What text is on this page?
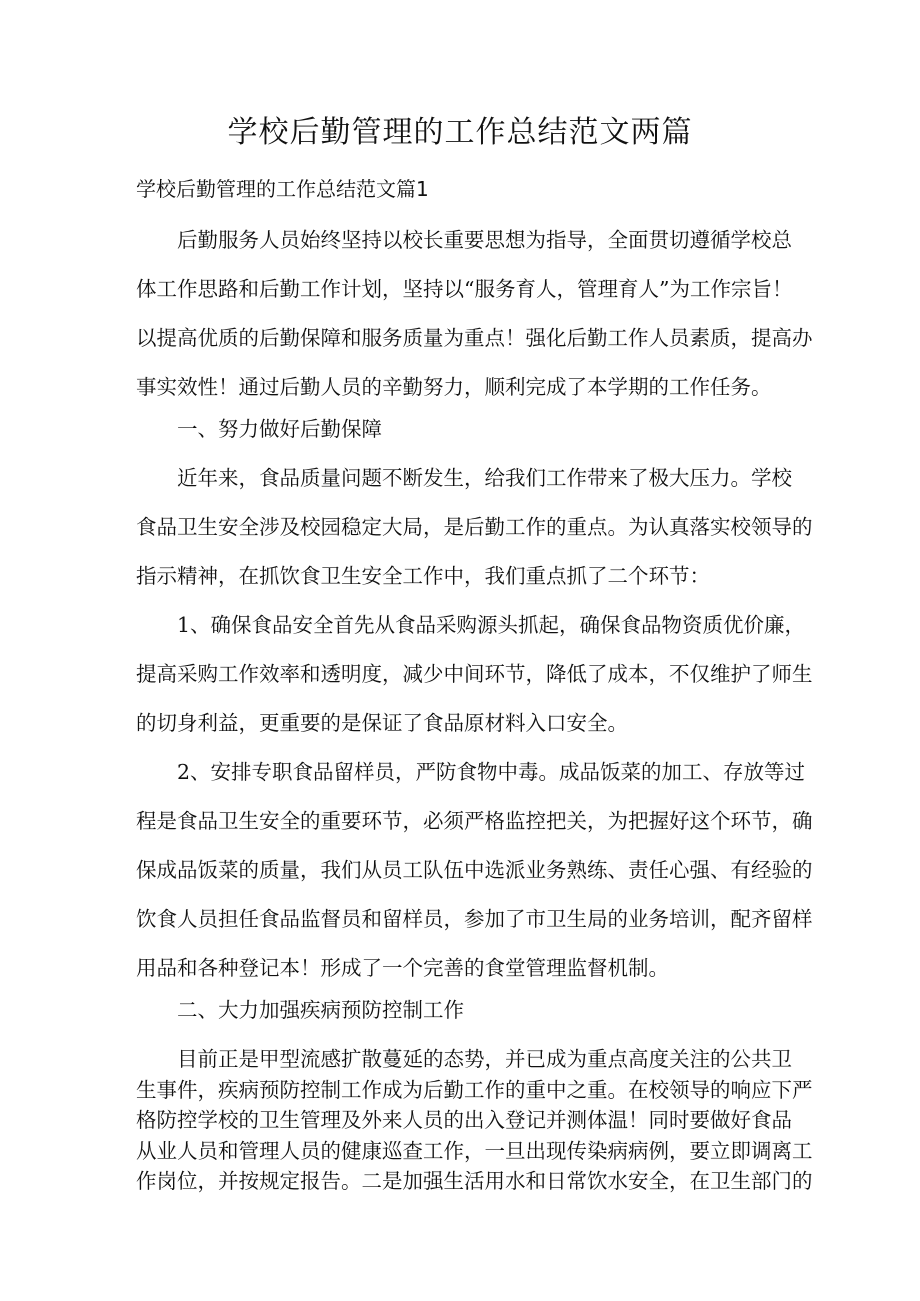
学校后勤管理的工作总结范文两篇
学校后勤管理的工作总结范文篇1

后勤服务人员始终坚持以校长重要思想为指导，全面贯切遵循学校总
体工作思路和后勤工作计划，坚持以“服务育人，管理育人”为工作宗旨！
以提高优质的后勤保障和服务质量为重点！强化后勤工作人员素质，提高办
事实效性！通过后勤人员的辛勤努力，顺利完成了本学期的工作任务。

一、努力做好后勤保障

近年来，食品质量问题不断发生，给我们工作带来了极大压力。学校
食品卫生安全涉及校园稳定大局，是后勤工作的重点。为认真落实校领导的
指示精神，在抓饮食卫生安全工作中，我们重点抓了二个环节：

1、确保食品安全首先从食品采购源头抓起，确保食品物资质优价廉，
提高采购工作效率和透明度，减少中间环节，降低了成本，不仅维护了师生
的切身利益，更重要的是保证了食品原材料入口安全。

2、安排专职食品留样员，严防食物中毒。成品饭菜的加工、存放等过
程是食品卫生安全的重要环节，必须严格监控把关，为把握好这个环节，确
保成品饭菜的质量，我们从员工队伍中选派业务熟练、责任心强、有经验的
饮食人员担任食品监督员和留样员，参加了市卫生局的业务培训，配齐留样
用品和各种登记本！形成了一个完善的食堂管理监督机制。

二、大力加强疾病预防控制工作

目前正是甲型流感扩散蔓延的态势，并已成为重点高度关注的公共卫
生事件，疾病预防控制工作成为后勤工作的重中之重。在校领导的响应下严
格防控学校的卫生管理及外来人员的出入登记并测体温！同时要做好食品
从业人员和管理人员的健康巡查工作，一旦出现传染病病例，要立即调离工
作岗位，并按规定报告。二是加强生活用水和日常饮水安全，在卫生部门的
